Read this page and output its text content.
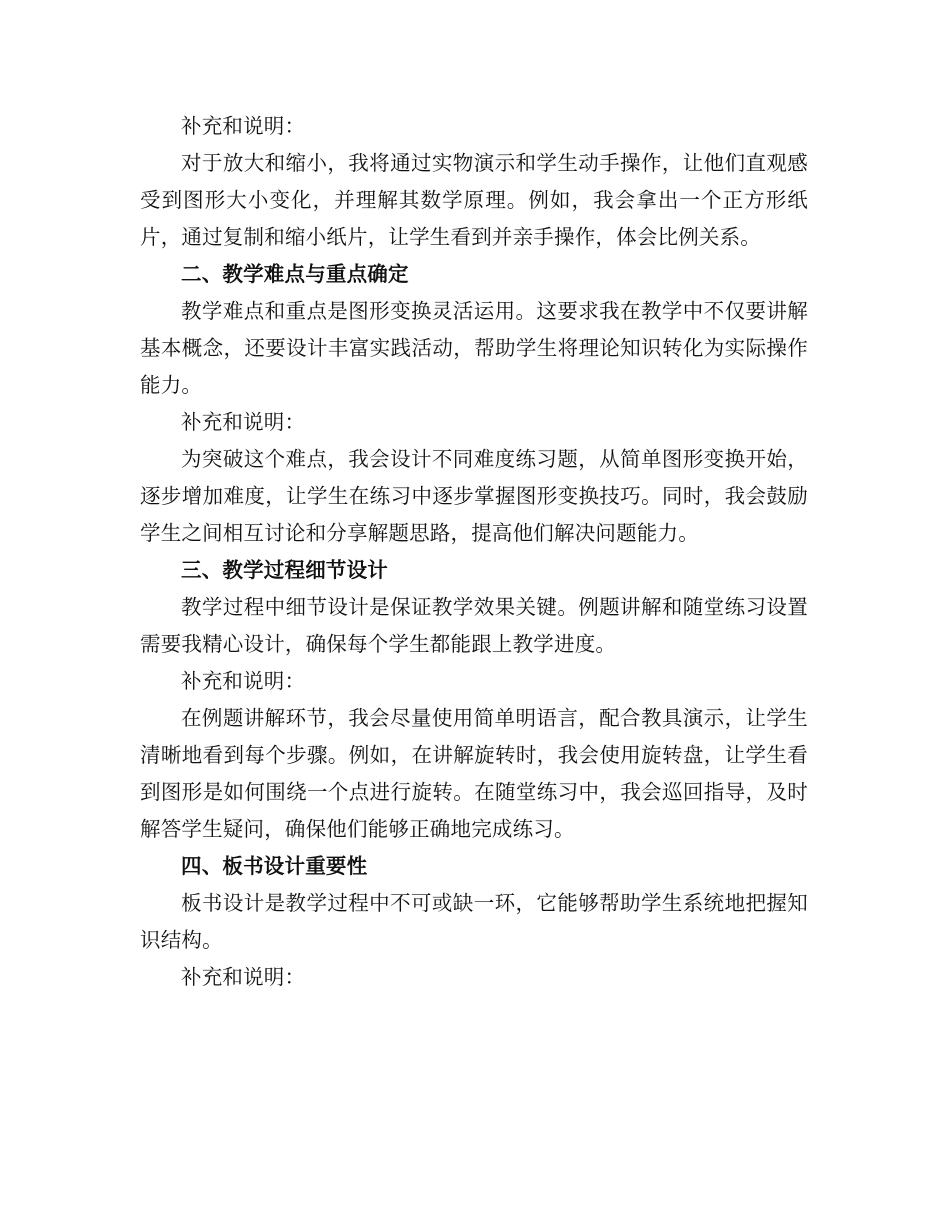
补充和说明：

对于放大和缩小，我将通过实物演示和学生动手操作，让他们直观感受到图形大小变化，并理解其数学原理。例如，我会拿出一个正方形纸片，通过复制和缩小纸片，让学生看到并亲手操作，体会比例关系。

二、教学难点与重点确定

教学难点和重点是图形变换灵活运用。这要求我在教学中不仅要讲解基本概念，还要设计丰富实践活动，帮助学生将理论知识转化为实际操作能力。

补充和说明：

为突破这个难点，我会设计不同难度练习题，从简单图形变换开始，逐步增加难度，让学生在练习中逐步掌握图形变换技巧。同时，我会鼓励学生之间相互讨论和分享解题思路，提高他们解决问题能力。

三、教学过程细节设计

教学过程中细节设计是保证教学效果关键。例题讲解和随堂练习设置需要我精心设计，确保每个学生都能跟上教学进度。

补充和说明：

在例题讲解环节，我会尽量使用简单明语言，配合教具演示，让学生清晰地看到每个步骤。例如，在讲解旋转时，我会使用旋转盘，让学生看到图形是如何围绕一个点进行旋转。在随堂练习中，我会巡回指导，及时解答学生疑问，确保他们能够正确地完成练习。

四、板书设计重要性

板书设计是教学过程中不可或缺一环，它能够帮助学生系统地把握知识结构。

补充和说明：
